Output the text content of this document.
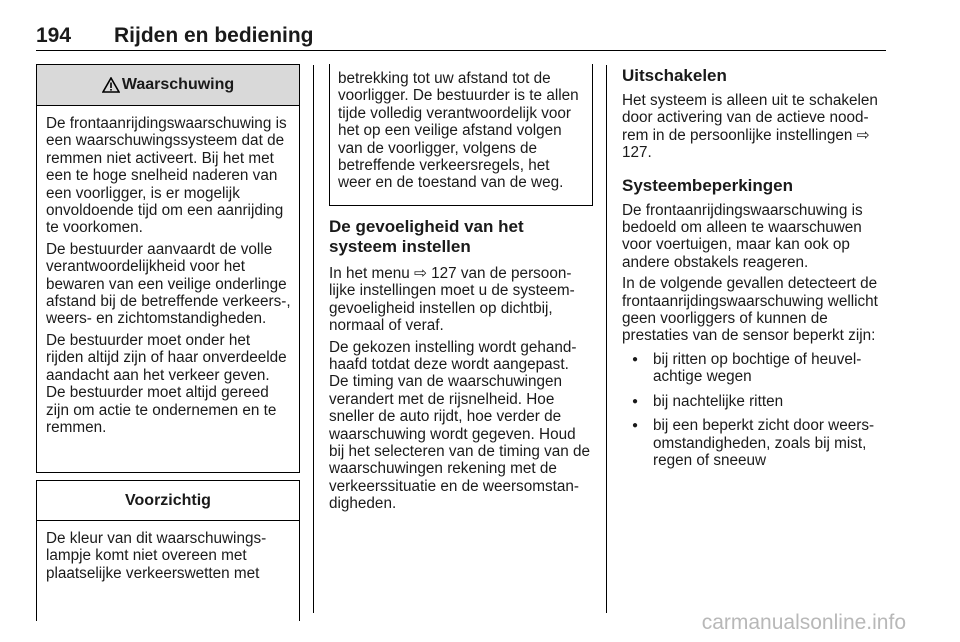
194 Rijden en bediening
Waarschuwing

De frontaanrijdingswaarschuwing is een waarschuwingssysteem dat de remmen niet activeert. Bij het met een te hoge snelheid naderen van een voorligger, is er mogelijk onvoldoende tijd om een aanrijding te voorkomen.

De bestuurder aanvaardt de volle verantwoordelijkheid voor het bewaren van een veilige onderlinge afstand bij de betreffende verkeers-, weers- en zichtomstandigheden.

De bestuurder moet onder het rijden altijd zijn of haar onverdeelde aandacht aan het verkeer geven. De bestuurder moet altijd gereed zijn om actie te ondernemen en te remmen.

Voorzichtig

De kleur van dit waarschuwingslampje komt niet overeen met plaatselijke verkeerswetten met

betrekking tot uw afstand tot de voorligger. De bestuurder is te allen tijde volledig verantwoordelijk voor het op een veilige afstand volgen van de voorligger, volgens de betreffende verkeersregels, het weer en de toestand van de weg.

De gevoeligheid van het systeem instellen

In het menu ⇨ 127 van de persoonlijke instellingen moet u de systeemgevoeligheid instellen op dichtbij, normaal of veraf.

De gekozen instelling wordt gehandhaafd totdat deze wordt aangepast. De timing van de waarschuwingen verandert met de rijsnelheid. Hoe sneller de auto rijdt, hoe verder de waarschuwing wordt gegeven. Houd bij het selecteren van de timing van de waarschuwingen rekening met de verkeerssituatie en de weersomstandigheden.

Uitschakelen

Het systeem is alleen uit te schakelen door activering van de actieve noodrem in de persoonlijke instellingen ⇨ 127.

Systeembeperkingen

De frontaanrijdingswaarschuwing is bedoeld om alleen te waarschuwen voor voertuigen, maar kan ook op andere obstakels reageren.

In de volgende gevallen detecteert de frontaanrijdingswaarschuwing wellicht geen voorliggers of kunnen de prestaties van de sensor beperkt zijn:

● bij ritten op bochtige of heuvelachtige wegen
● bij nachtelijke ritten
● bij een beperkt zicht door weersomstandigheden, zoals bij mist, regen of sneeuw
carmanualsonline.info
